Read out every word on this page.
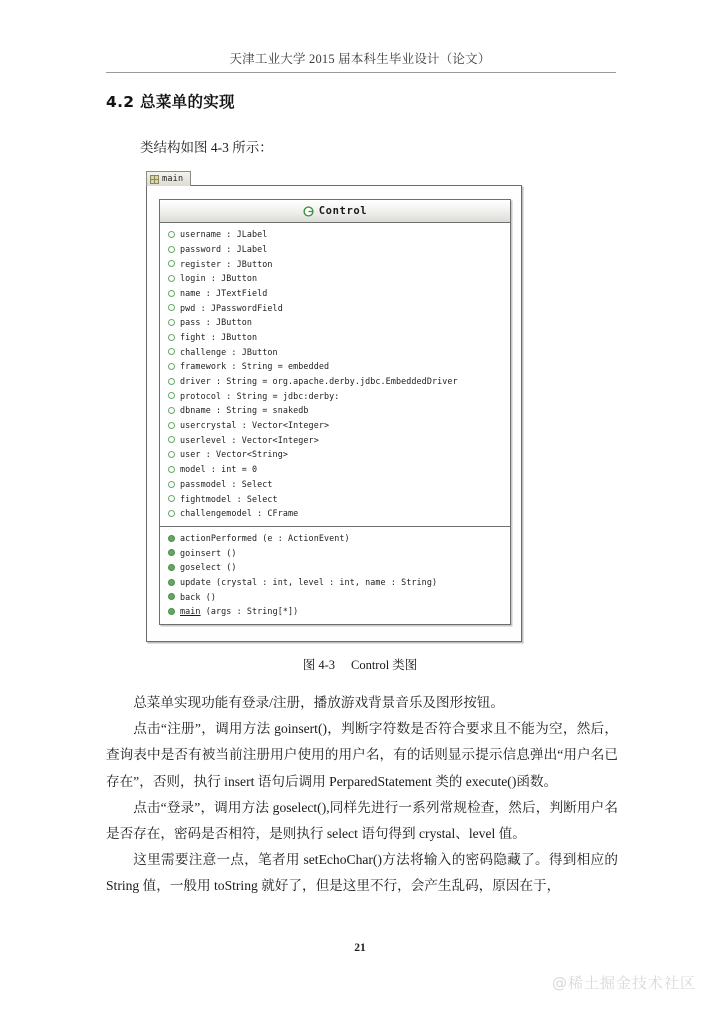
天津工业大学 2015 届本科生毕业设计（论文）
4.2 总菜单的实现
类结构如图 4-3 所示：
main
Control
username : JLabel
password : JLabel
register : JButton
login : JButton
name : JTextField
pwd : JPasswordField
pass : JButton
fight : JButton
challenge : JButton
framework : String = embedded
driver : String = org.apache.derby.jdbc.EmbeddedDriver
protocol : String = jdbc:derby:
dbname : String = snakedb
usercrystal : Vector<Integer>
userlevel : Vector<Integer>
user : Vector<String>
model : int = 0
passmodel : Select
fightmodel : Select
challengemodel : CFrame
actionPerformed (e : ActionEvent)
goinsert ()
goselect ()
update (crystal : int, level : int, name : String)
back ()
main (args : String[*])
图 4-3 Control 类图

总菜单实现功能有登录/注册，播放游戏背景音乐及图形按钮。

点击“注册”，调用方法 goinsert()，判断字符数是否符合要求且不能为空，然后，查询表中是否有被当前注册用户使用的用户名，有的话则显示提示信息弹出“用户名已存在”，否则，执行 insert 语句后调用 PerparedStatement 类的 execute()函数。

点击“登录”，调用方法 goselect(),同样先进行一系列常规检查，然后，判断用户名是否存在，密码是否相符，是则执行 select 语句得到 crystal、level 值。

这里需要注意一点，笔者用 setEchoChar()方法将输入的密码隐藏了。得到相应的 String 值，一般用 toString 就好了，但是这里不行，会产生乱码，原因在于，

21
@稀土掘金技术社区
